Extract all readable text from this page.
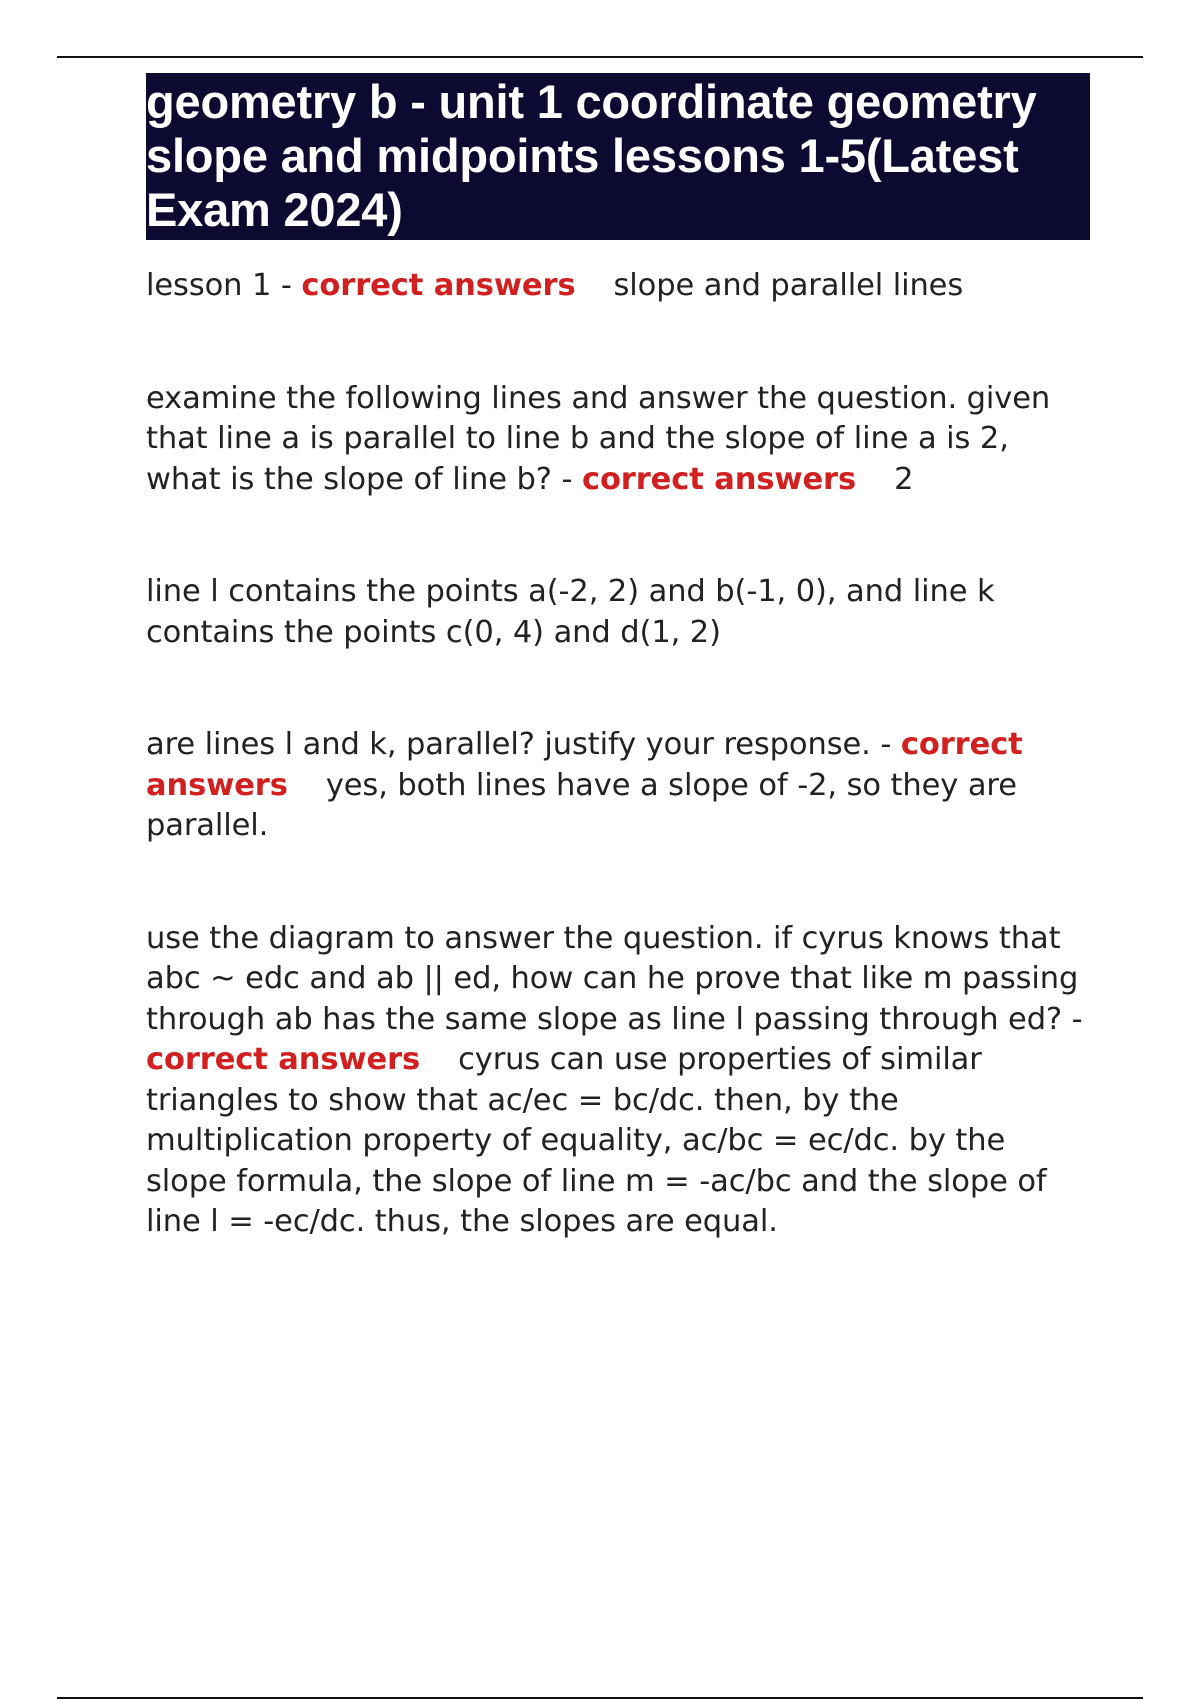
geometry b - unit 1 coordinate geometry slope and midpoints lessons 1-5(Latest Exam 2024)

lesson 1 - correct answers slope and parallel lines

examine the following lines and answer the question. given that line a is parallel to line b and the slope of line a is 2, what is the slope of line b? - correct answers 2

line l contains the points a(-2, 2) and b(-1, 0), and line k contains the points c(0, 4) and d(1, 2)

are lines l and k, parallel? justify your response. - correct answers yes, both lines have a slope of -2, so they are parallel.

use the diagram to answer the question. if cyrus knows that abc ~ edc and ab || ed, how can he prove that like m passing through ab has the same slope as line l passing through ed? - correct answers cyrus can use properties of similar triangles to show that ac/ec = bc/dc. then, by the multiplication property of equality, ac/bc = ec/dc. by the slope formula, the slope of line m = -ac/bc and the slope of line l = -ec/dc. thus, the slopes are equal.
